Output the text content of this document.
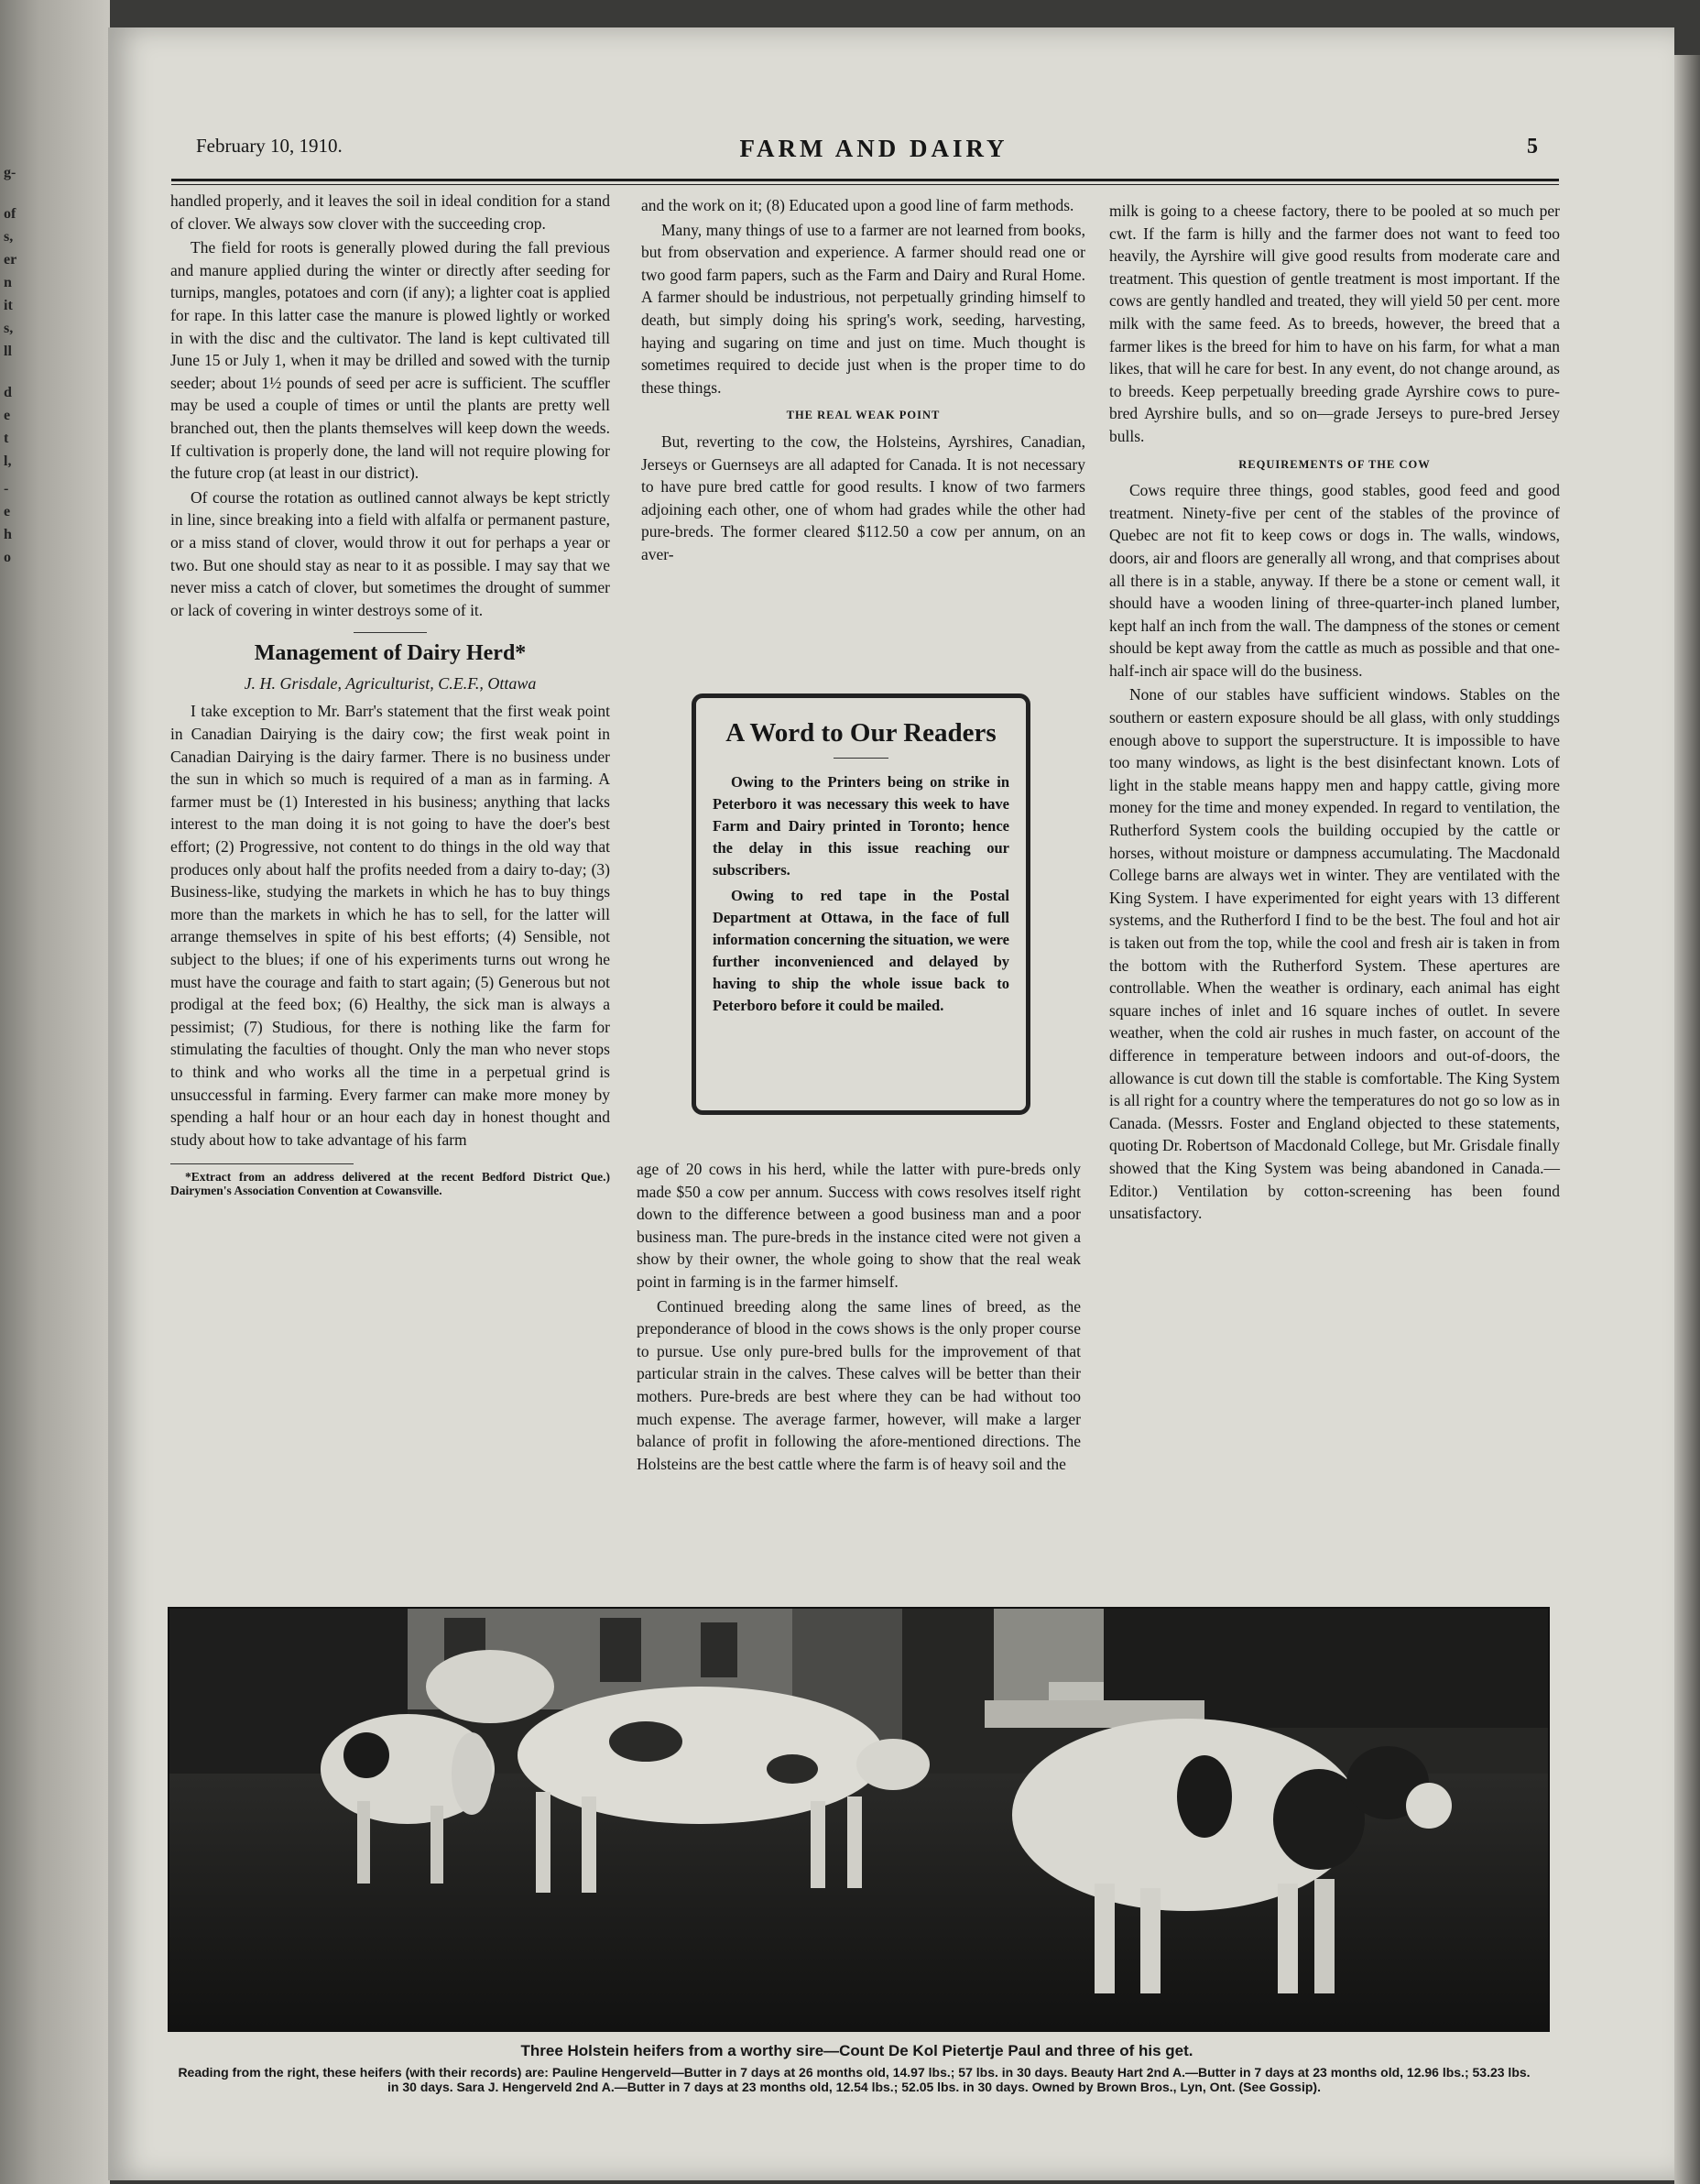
g-
of
s,
er
n
it
s,
ll
d
e
t
l,
-
e
h
o
February 10, 1910.	FARM AND DAIRY	5

handled properly, and it leaves the soil in ideal condition for a stand of clover. We always sow clover with the succeeding crop.

The field for roots is generally plowed during the fall previous and manure applied during the winter or directly after seeding for turnips, mangles, potatoes and corn (if any); a lighter coat is applied for rape. In this latter case the manure is plowed lightly or worked in with the disc and the cultivator. The land is kept cultivated till June 15 or July 1, when it may be drilled and sowed with the turnip seeder; about 1½ pounds of seed per acre is sufficient. The scuffler may be used a couple of times or until the plants are pretty well branched out, then the plants themselves will keep down the weeds. If cultivation is properly done, the land will not require plowing for the future crop (at least in our district).

Of course the rotation as outlined cannot always be kept strictly in line, since breaking into a field with alfalfa or permanent pasture, or a miss stand of clover, would throw it out for perhaps a year or two. But one should stay as near to it as possible. I may say that we never miss a catch of clover, but sometimes the drought of summer or lack of covering in winter destroys some of it.

Management of Dairy Herd*
J. H. Grisdale, Agriculturist, C.E.F., Ottawa

I take exception to Mr. Barr's statement that the first weak point in Canadian Dairying is the dairy cow; the first weak point in Canadian Dairying is the dairy farmer. There is no business under the sun in which so much is required of a man as in farming. A farmer must be (1) Interested in his business; anything that lacks interest to the man doing it is not going to have the doer's best effort; (2) Progressive, not content to do things in the old way that produces only about half the profits needed from a dairy to-day; (3) Business-like, studying the markets in which he has to buy things more than the markets in which he has to sell, for the latter will arrange themselves in spite of his best efforts; (4) Sensible, not subject to the blues; if one of his experiments turns out wrong he must have the courage and faith to start again; (5) Generous but not prodigal at the feed box; (6) Healthy, the sick man is always a pessimist; (7) Studious, for there is nothing like the farm for stimulating the faculties of thought. Only the man who never stops to think and who works all the time in a perpetual grind is unsuccessful in farming. Every farmer can make more money by spending a half hour or an hour each day in honest thought and study about how to take advantage of his farm

*Extract from an address delivered at the recent Bedford District Que.) Dairymen's Association Convention at Cowansville.

and the work on it; (8) Educated upon a good line of farm methods.

Many, many things of use to a farmer are not learned from books, but from observation and experience. A farmer should read one or two good farm papers, such as the Farm and Dairy and Rural Home. A farmer should be industrious, not perpetually grinding himself to death, but simply doing his spring's work, seeding, harvesting, haying and sugaring on time and just on time. Much thought is sometimes required to decide just when is the proper time to do these things.

THE REAL WEAK POINT

But, reverting to the cow, the Holsteins, Ayrshires, Canadian, Jerseys or Guernseys are all adapted for Canada. It is not necessary to have pure bred cattle for good results. I know of two farmers adjoining each other, one of whom had grades while the other had pure-breds. The former cleared $112.50 a cow per annum, on an aver-

A Word to Our Readers

Owing to the Printers being on strike in Peterboro it was necessary this week to have Farm and Dairy printed in Toronto; hence the delay in this issue reaching our subscribers.

Owing to red tape in the Postal Department at Ottawa, in the face of full information concerning the situation, we were further inconvenienced and delayed by having to ship the whole issue back to Peterboro before it could be mailed.

age of 20 cows in his herd, while the latter with pure-breds only made $50 a cow per annum. Success with cows resolves itself right down to the difference between a good business man and a poor business man. The pure-breds in the instance cited were not given a show by their owner, the whole going to show that the real weak point in farming is in the farmer himself.

Continued breeding along the same lines of breed, as the preponderance of blood in the cows shows is the only proper course to pursue. Use only pure-bred bulls for the improvement of that particular strain in the calves. These calves will be better than their mothers. Pure-breds are best where they can be had without too much expense. The average farmer, however, will make a larger balance of profit in following the afore-mentioned directions. The Holsteins are the best cattle where the farm is of heavy soil and the

milk is going to a cheese factory, there to be pooled at so much per cwt. If the farm is hilly and the farmer does not want to feed too heavily, the Ayrshire will give good results from moderate care and treatment. This question of gentle treatment is most important. If the cows are gently handled and treated, they will yield 50 per cent. more milk with the same feed. As to breeds, however, the breed that a farmer likes is the breed for him to have on his farm, for what a man likes, that will he care for best. In any event, do not change around, as to breeds. Keep perpetually breeding grade Ayrshire cows to pure-bred Ayrshire bulls, and so on—grade Jerseys to pure-bred Jersey bulls.

REQUIREMENTS OF THE COW

Cows require three things, good stables, good feed and good treatment. Ninety-five per cent of the stables of the province of Quebec are not fit to keep cows or dogs in. The walls, windows, doors, air and floors are generally all wrong, and that comprises about all there is in a stable, anyway. If there be a stone or cement wall, it should have a wooden lining of three-quarter-inch planed lumber, kept half an inch from the wall. The dampness of the stones or cement should be kept away from the cattle as much as possible and that one-half-inch air space will do the business.

None of our stables have sufficient windows. Stables on the southern or eastern exposure should be all glass, with only studdings enough above to support the superstructure. It is impossible to have too many windows, as light is the best disinfectant known. Lots of light in the stable means happy men and happy cattle, giving more money for the time and money expended. In regard to ventilation, the Rutherford System cools the building occupied by the cattle or horses, without moisture or dampness accumulating. The Macdonald College barns are always wet in winter. They are ventilated with the King System. I have experimented for eight years with 13 different systems, and the Rutherford I find to be the best. The foul and hot air is taken out from the top, while the cool and fresh air is taken in from the bottom with the Rutherford System. These apertures are controllable. When the weather is ordinary, each animal has eight square inches of inlet and 16 square inches of outlet. In severe weather, when the cold air rushes in much faster, on account of the difference in temperature between indoors and out-of-doors, the allowance is cut down till the stable is comfortable. The King System is all right for a country where the temperatures do not go so low as in Canada. (Messrs. Foster and England objected to these statements, quoting Dr. Robertson of Macdonald College, but Mr. Grisdale finally showed that the King System was being abandoned in Canada.—Editor.) Ventilation by cotton-screening has been found unsatisfactory.

Three Holstein heifers from a worthy sire—Count De Kol Pietertje Paul and three of his get.
Reading from the right, these heifers (with their records) are: Pauline Hengerveld—Butter in 7 days at 26 months old, 14.97 lbs.; 57 lbs. in 30 days. Beauty Hart 2nd A.—Butter in 7 days at 23 months old, 12.96 lbs.; 53.23 lbs. in 30 days. Sara J. Hengerveld 2nd A.—Butter in 7 days at 23 months old, 12.54 lbs.; 52.05 lbs. in 30 days. Owned by Brown Bros., Lyn, Ont. (See Gossip).
